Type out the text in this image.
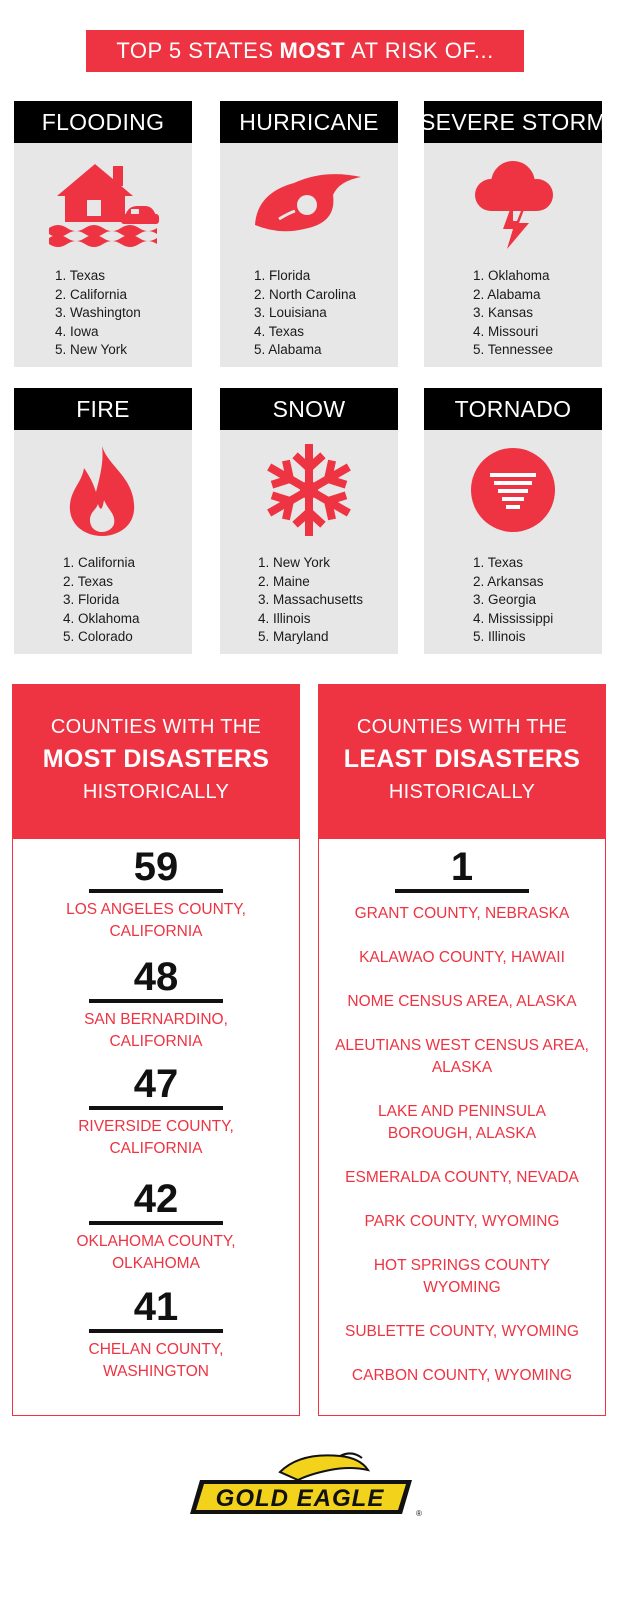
TOP 5 STATES MOST AT RISK OF...
FLOODING
1. Texas
2. California
3. Washington
4. Iowa
5. New York
HURRICANE
1. Florida
2. North Carolina
3. Louisiana
4. Texas
5. Alabama
SEVERE STORM
1. Oklahoma
2. Alabama
3. Kansas
4. Missouri
5. Tennessee
FIRE
1. California
2. Texas
3. Florida
4. Oklahoma
5. Colorado
SNOW
1. New York
2. Maine
3. Massachusetts
4. Illinois
5. Maryland
TORNADO
1. Texas
2. Arkansas
3. Georgia
4. Mississippi
5. Illinois
COUNTIES WITH THE
MOST DISASTERS
HISTORICALLY
59
LOS ANGELES COUNTY,
CALIFORNIA
48
SAN BERNARDINO,
CALIFORNIA
47
RIVERSIDE COUNTY,
CALIFORNIA
42
OKLAHOMA COUNTY,
OLKAHOMA
41
CHELAN COUNTY,
WASHINGTON
COUNTIES WITH THE
LEAST DISASTERS
HISTORICALLY
1
GRANT COUNTY, NEBRASKA
KALAWAO COUNTY, HAWAII
NOME CENSUS AREA, ALASKA
ALEUTIANS WEST CENSUS AREA,
ALASKA
LAKE AND PENINSULA
BOROUGH, ALASKA
ESMERALDA COUNTY, NEVADA
PARK COUNTY, WYOMING
HOT SPRINGS COUNTY
WYOMING
SUBLETTE COUNTY, WYOMING
CARBON COUNTY, WYOMING
GOLD EAGLE
®
